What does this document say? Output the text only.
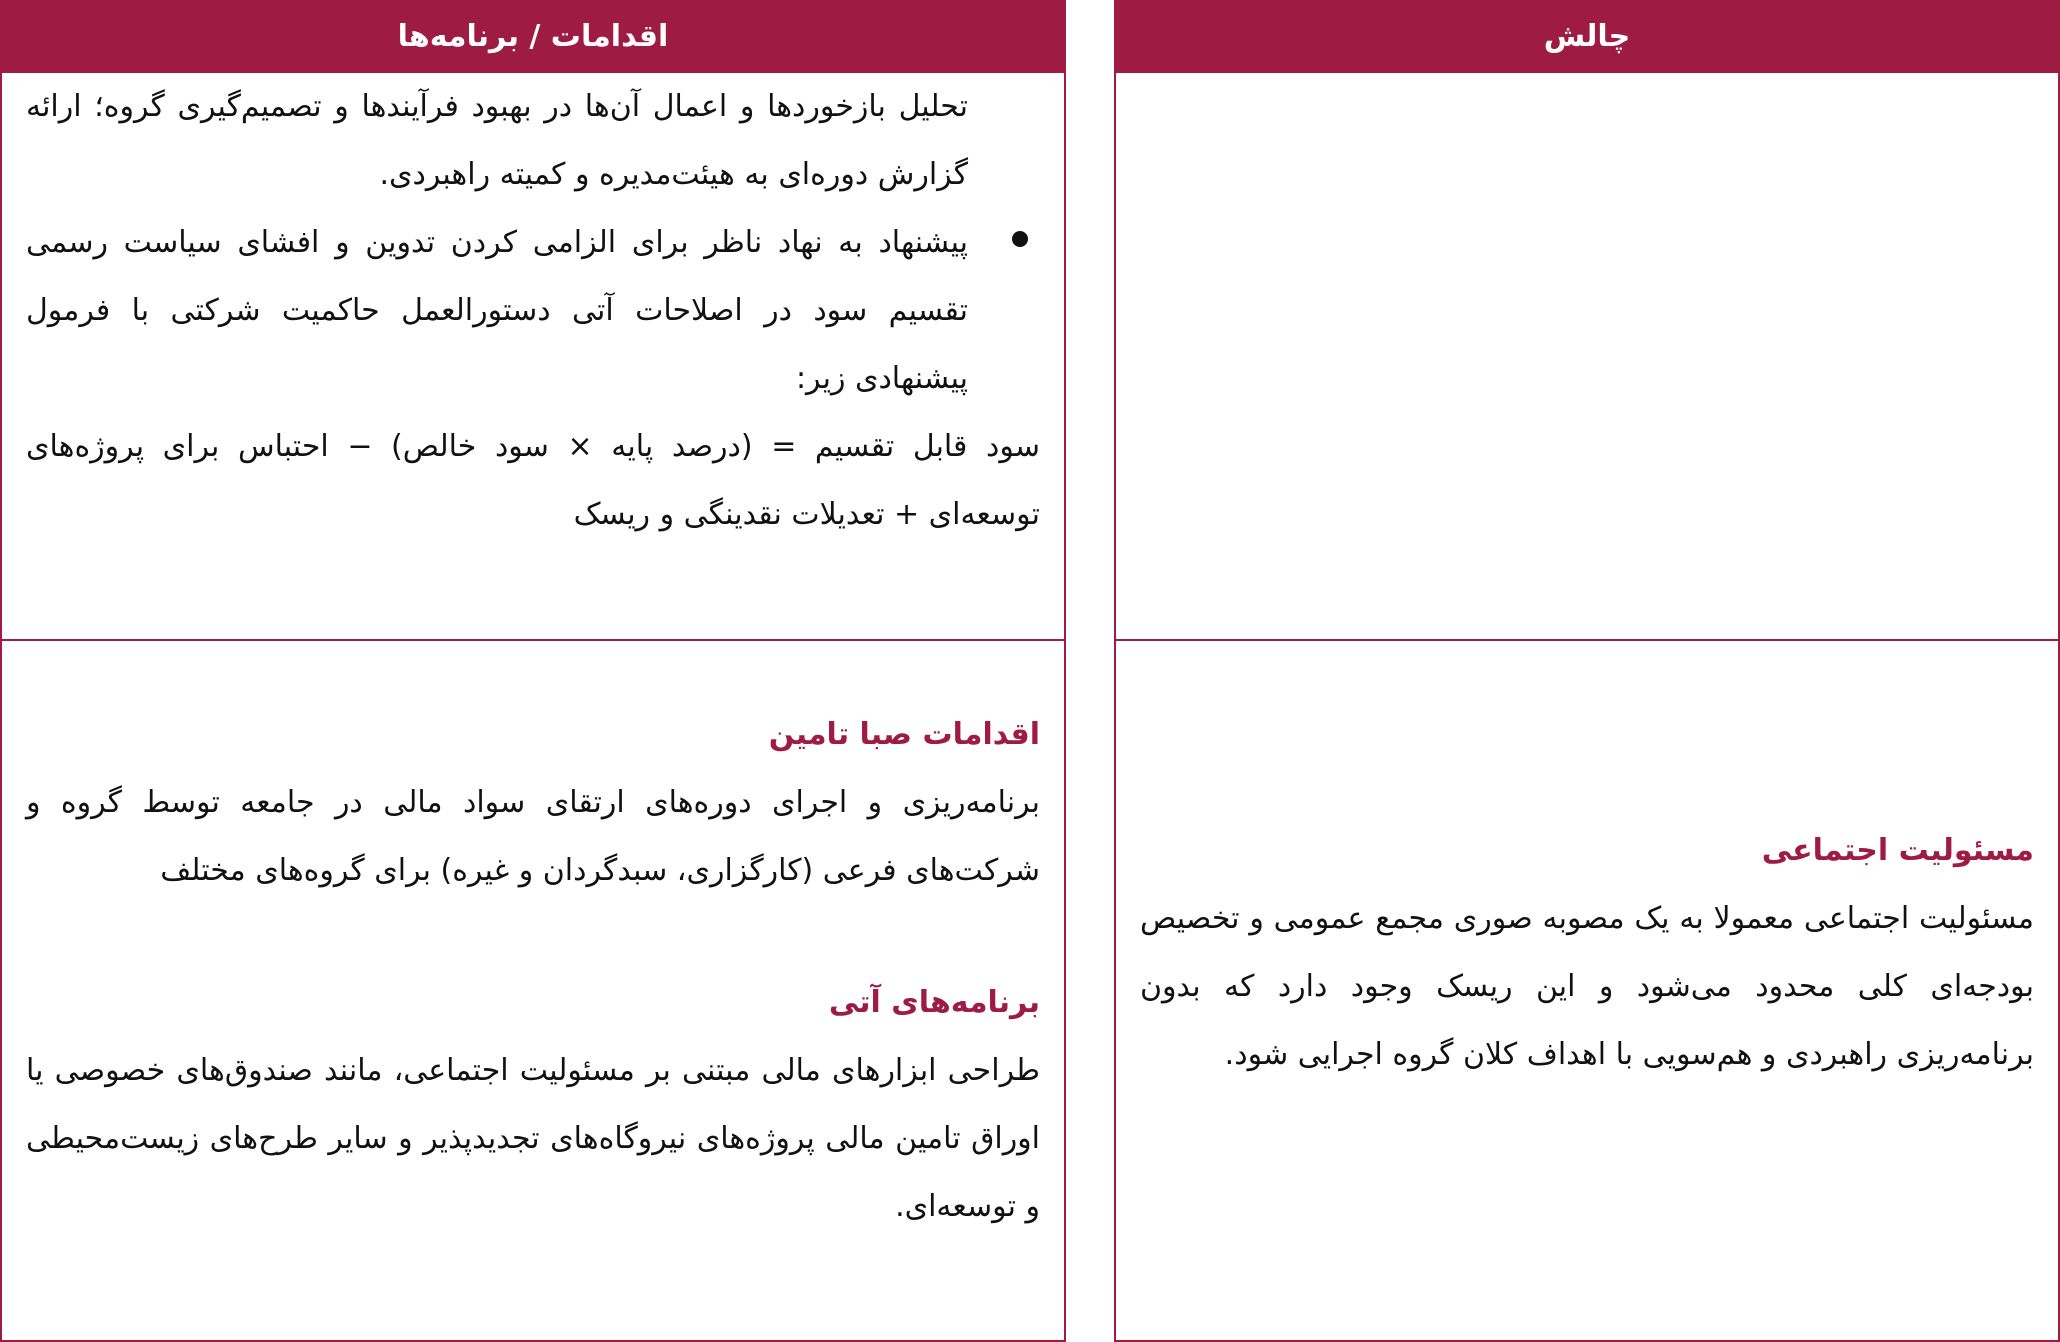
اقدامات / برنامه‌ها

تحلیل بازخوردها و اعمال آن‌ها در بهبود فرآیندها و تصمیم‌گیری گروه؛ ارائه گزارش دوره‌ای به هیئت‌مدیره و کمیته راهبردی.

پیشنهاد به نهاد ناظر برای الزامی کردن تدوین و افشای سیاست رسمی تقسیم سود در اصلاحات آتی دستورالعمل حاکمیت شرکتی با فرمول پیشنهادی زیر:

سود قابل تقسیم = (درصد پایه × سود خالص) − احتباس برای پروژه‌های توسعه‌ای + تعدیلات نقدینگی و ریسک

اقدامات صبا تامین

برنامه‌ریزی و اجرای دوره‌های ارتقای سواد مالی در جامعه توسط گروه و شرکت‌های فرعی (کارگزاری، سبدگردان و غیره) برای گروه‌های مختلف

برنامه‌های آتی

طراحی ابزارهای مالی مبتنی بر مسئولیت اجتماعی، مانند صندوق‌های خصوصی یا اوراق تامین مالی پروژه‌های نیروگاه‌های تجدیدپذیر و سایر طرح‌های زیست‌محیطی و توسعه‌ای.

چالش

مسئولیت اجتماعی

مسئولیت اجتماعی معمولا به یک مصوبه صوری مجمع عمومی و تخصیص بودجه‌ای کلی محدود می‌شود و این ریسک وجود دارد که بدون برنامه‌ریزی راهبردی و هم‌سویی با اهداف کلان گروه اجرایی شود.
